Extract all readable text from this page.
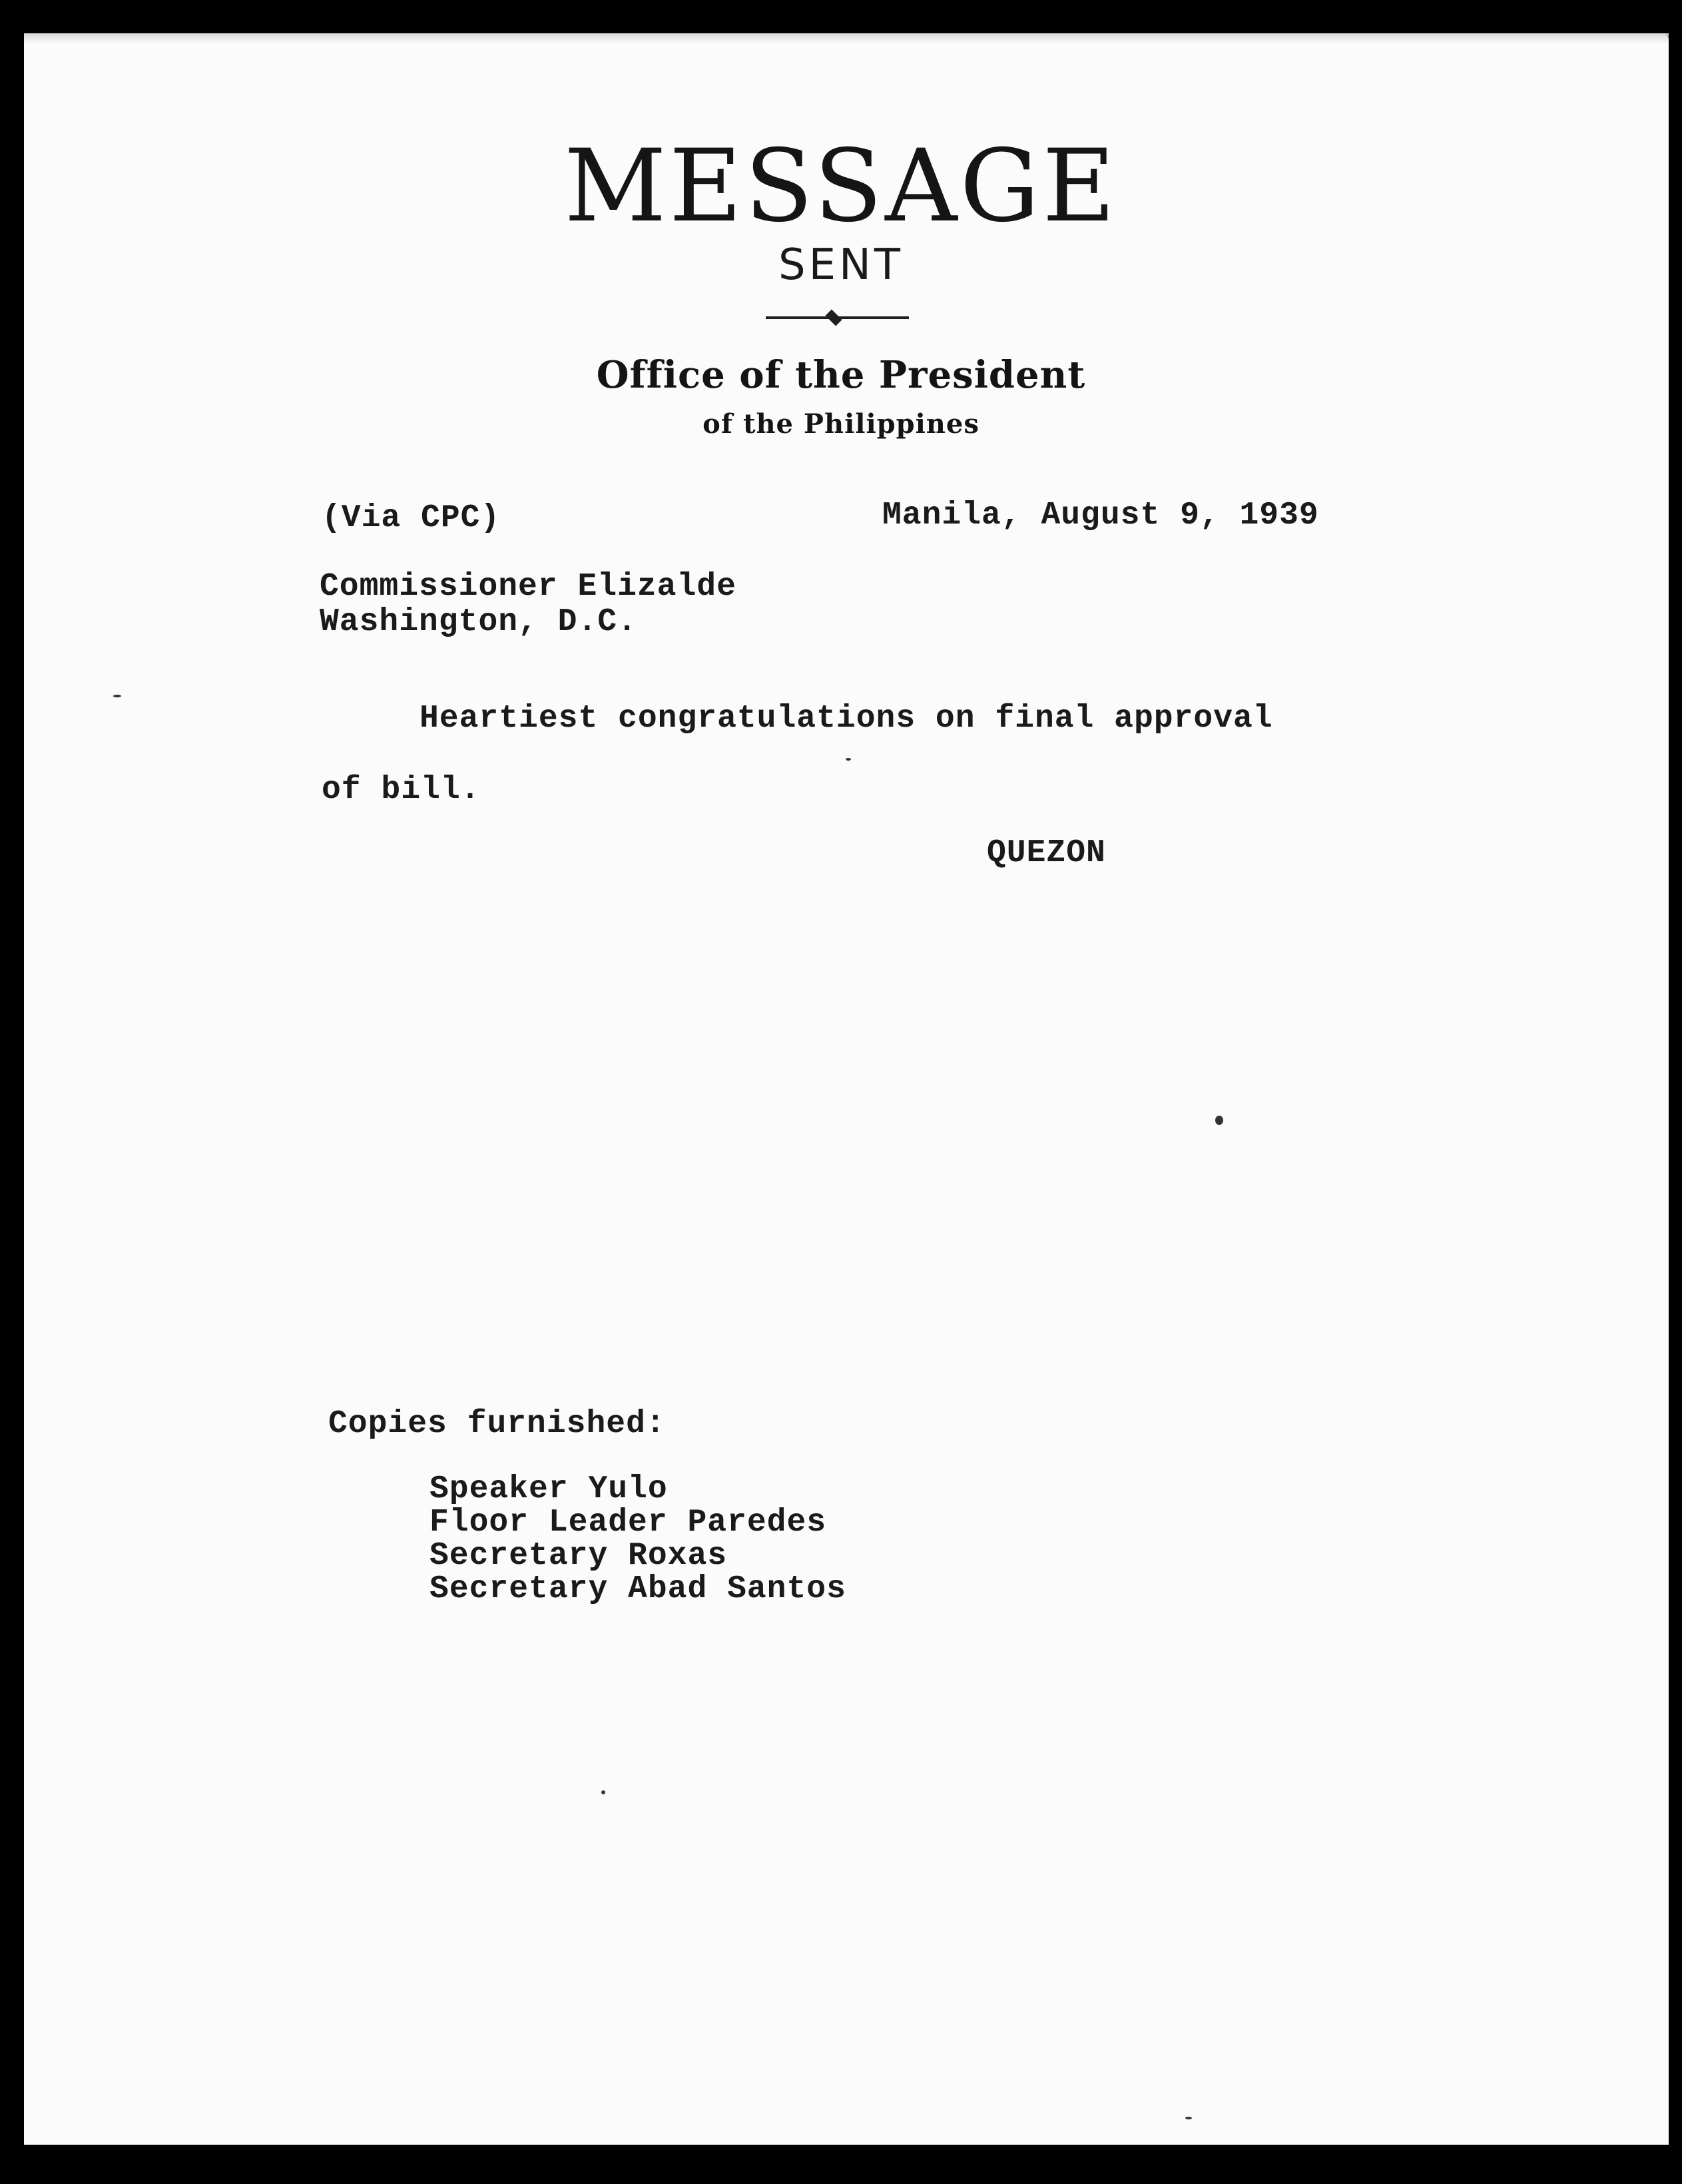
MESSAGE
SENT
Office of the President
of the Philippines
(Via CPC)	Manila, August 9, 1939
Commissioner Elizalde
Washington, D.C.
Heartiest congratulations on final approval
of bill.
QUEZON
Copies furnished:
Speaker Yulo
Floor Leader Paredes
Secretary Roxas
Secretary Abad Santos
